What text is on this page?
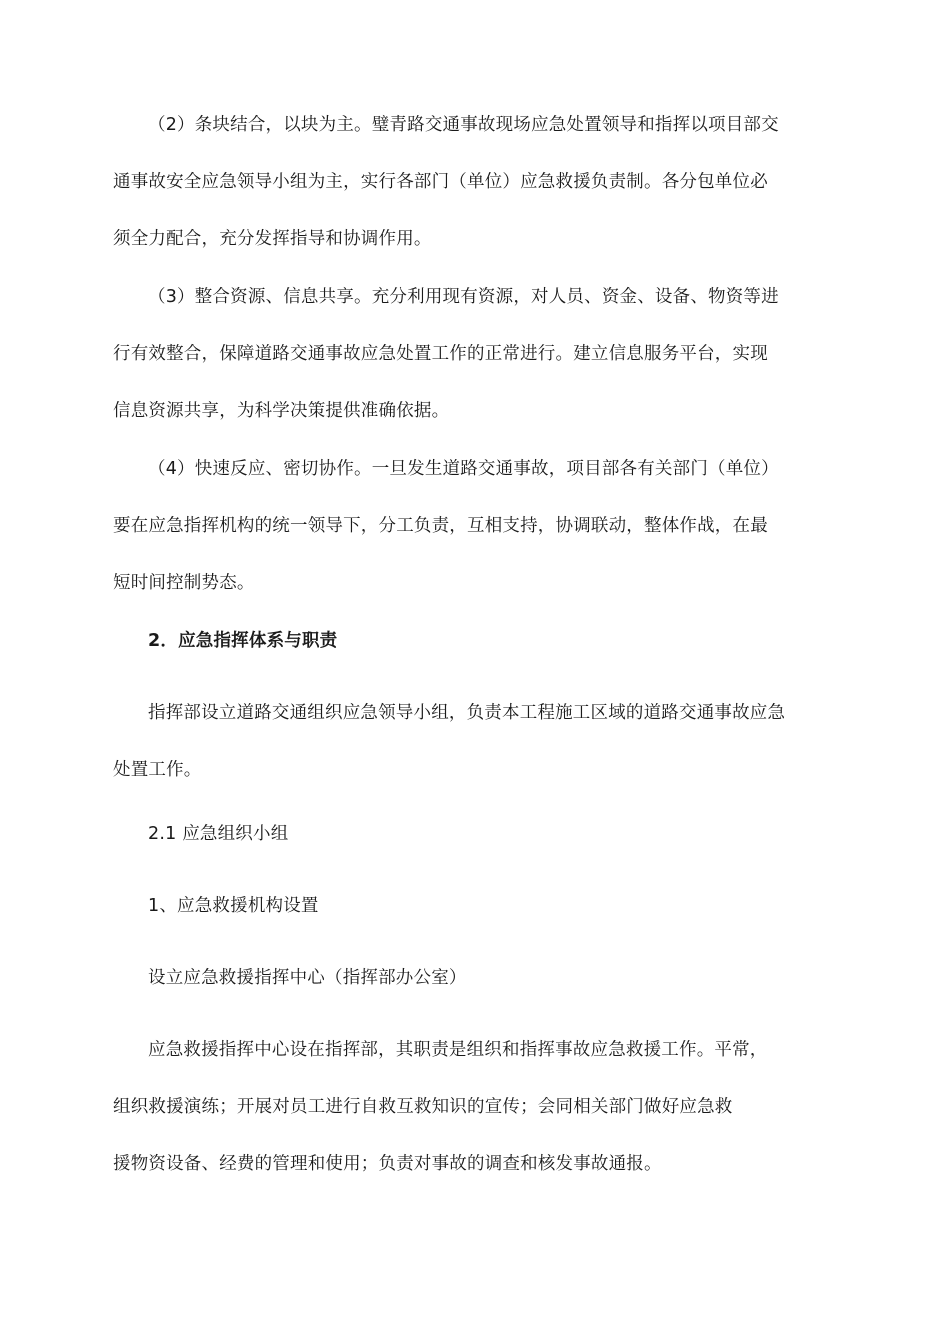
（2）条块结合，以块为主。璧青路交通事故现场应急处置领导和指挥以项目部交
通事故安全应急领导小组为主，实行各部门（单位）应急救援负责制。各分包单位必
须全力配合，充分发挥指导和协调作用。
（3）整合资源、信息共享。充分利用现有资源，对人员、资金、设备、物资等进
行有效整合，保障道路交通事故应急处置工作的正常进行。建立信息服务平台，实现
信息资源共享，为科学决策提供准确依据。
（4）快速反应、密切协作。一旦发生道路交通事故，项目部各有关部门（单位）
要在应急指挥机构的统一领导下，分工负责，互相支持，协调联动，整体作战，在最
短时间控制势态。
2．应急指挥体系与职责
指挥部设立道路交通组织应急领导小组，负责本工程施工区域的道路交通事故应急
处置工作。
2.1 应急组织小组
1、应急救援机构设置
设立应急救援指挥中心（指挥部办公室）
应急救援指挥中心设在指挥部，其职责是组织和指挥事故应急救援工作。平常，
组织救援演练；开展对员工进行自救互救知识的宣传；会同相关部门做好应急救
援物资设备、经费的管理和使用；负责对事故的调查和核发事故通报。
